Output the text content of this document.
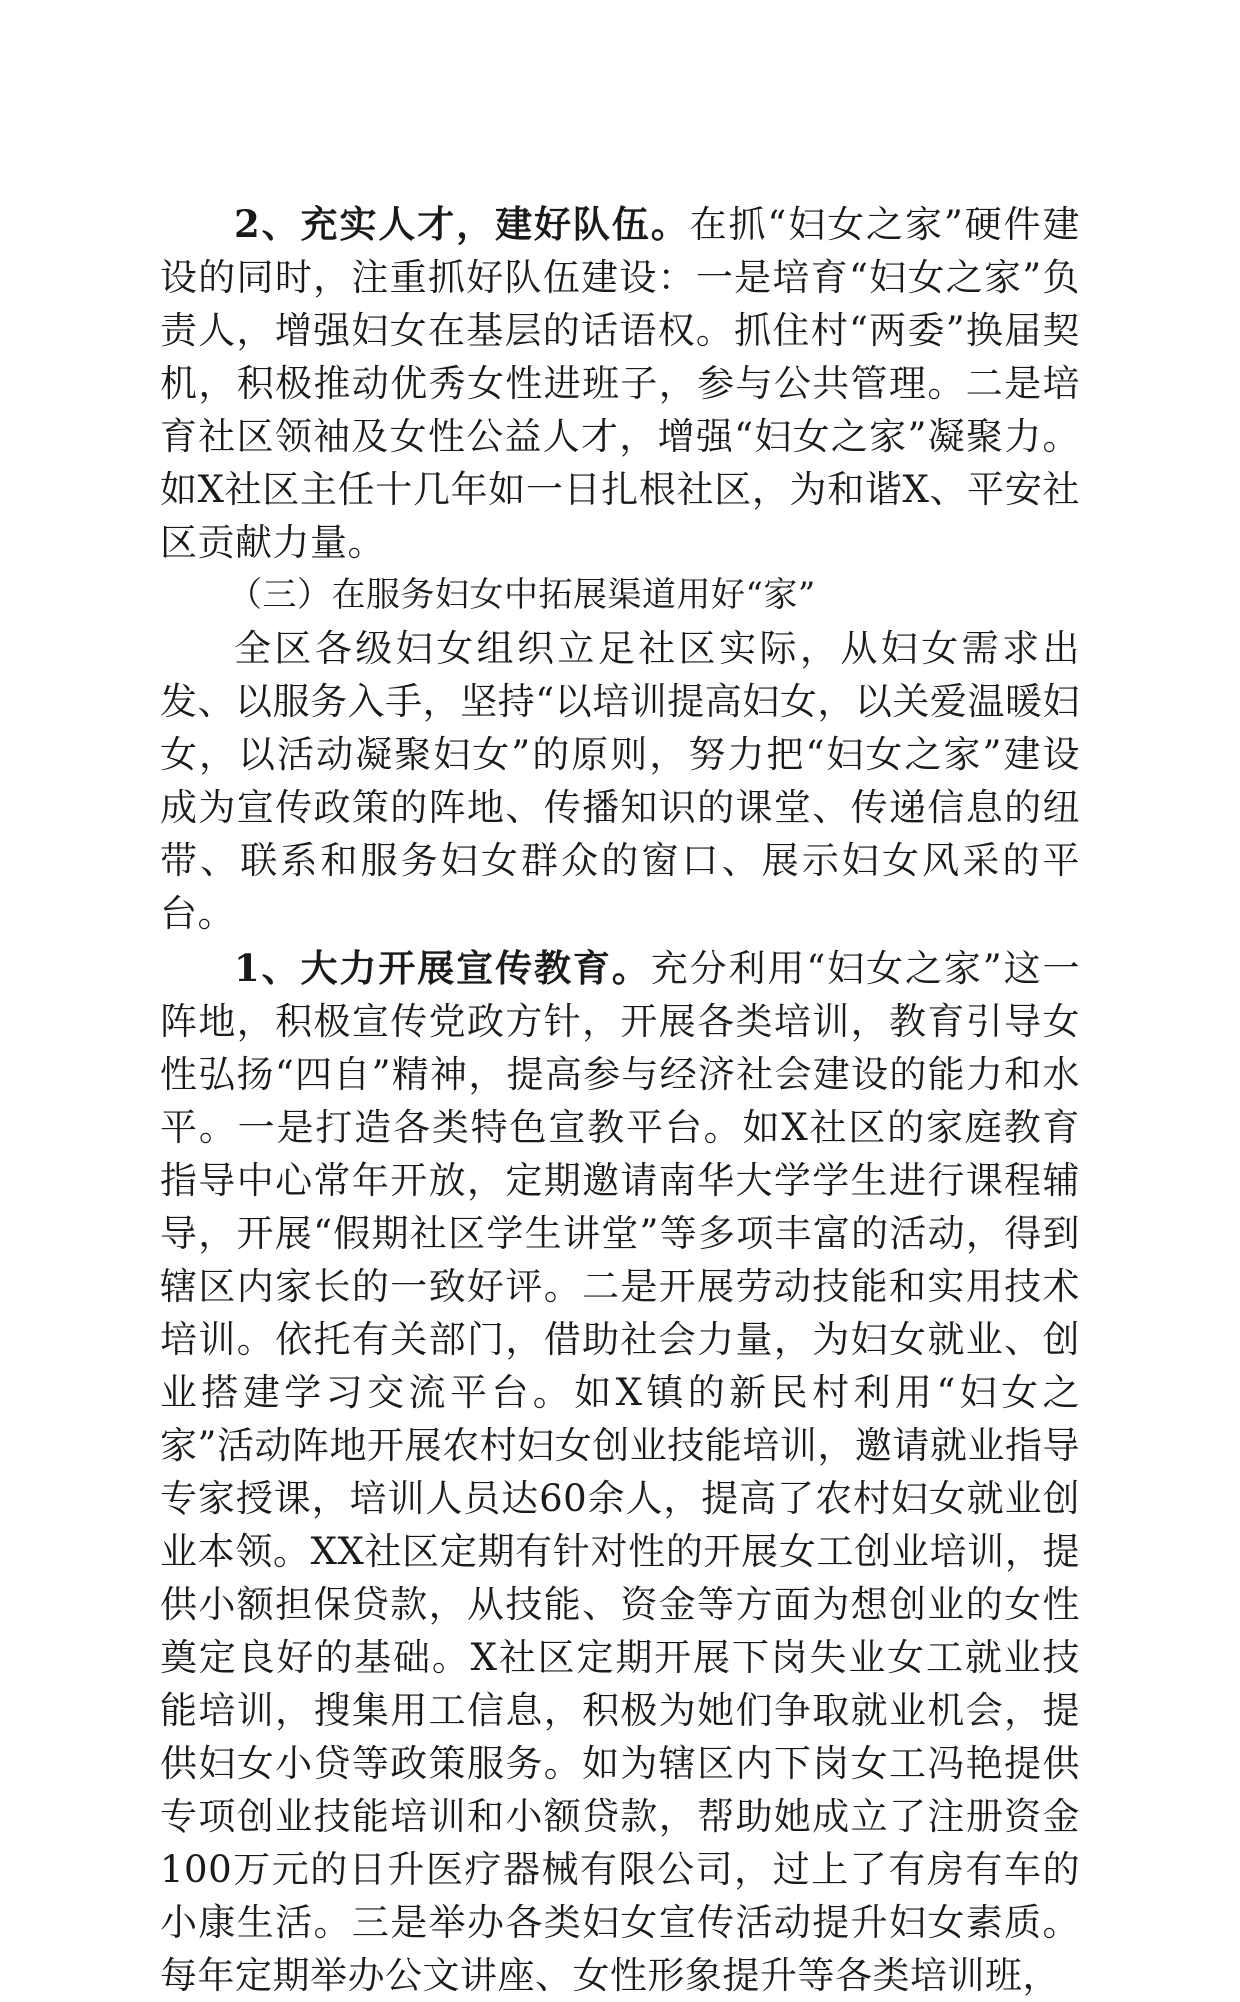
2、充实人才，建好队伍。在抓“妇女之家”硬件建设的同时，注重抓好队伍建设：一是培育“妇女之家”负责人，增强妇女在基层的话语权。抓住村“两委”换届契机，积极推动优秀女性进班子，参与公共管理。二是培育社区领袖及女性公益人才，增强“妇女之家”凝聚力。如X社区主任十几年如一日扎根社区，为和谐X、平安社区贡献力量。

（三）在服务妇女中拓展渠道用好“家”

全区各级妇女组织立足社区实际，从妇女需求出发、以服务入手，坚持“以培训提高妇女，以关爱温暖妇女，以活动凝聚妇女”的原则，努力把“妇女之家”建设成为宣传政策的阵地、传播知识的课堂、传递信息的纽带、联系和服务妇女群众的窗口、展示妇女风采的平台。

1、大力开展宣传教育。充分利用“妇女之家”这一阵地，积极宣传党政方针，开展各类培训，教育引导女性弘扬“四自”精神，提高参与经济社会建设的能力和水平。一是打造各类特色宣教平台。如X社区的家庭教育指导中心常年开放，定期邀请南华大学学生进行课程辅导，开展“假期社区学生讲堂”等多项丰富的活动，得到辖区内家长的一致好评。二是开展劳动技能和实用技术培训。依托有关部门，借助社会力量，为妇女就业、创业搭建学习交流平台。如X镇的新民村利用“妇女之家”活动阵地开展农村妇女创业技能培训，邀请就业指导专家授课，培训人员达60余人，提高了农村妇女就业创业本领。XX社区定期有针对性的开展女工创业培训，提供小额担保贷款，从技能、资金等方面为想创业的女性奠定良好的基础。X社区定期开展下岗失业女工就业技能培训，搜集用工信息，积极为她们争取就业机会，提供妇女小贷等政策服务。如为辖区内下岗女工冯艳提供专项创业技能培训和小额贷款，帮助她成立了注册资金100万元的日升医疗器械有限公司，过上了有房有车的小康生活。三是举办各类妇女宣传活动提升妇女素质。每年定期举办公文讲座、女性形象提升等各类培训班，
